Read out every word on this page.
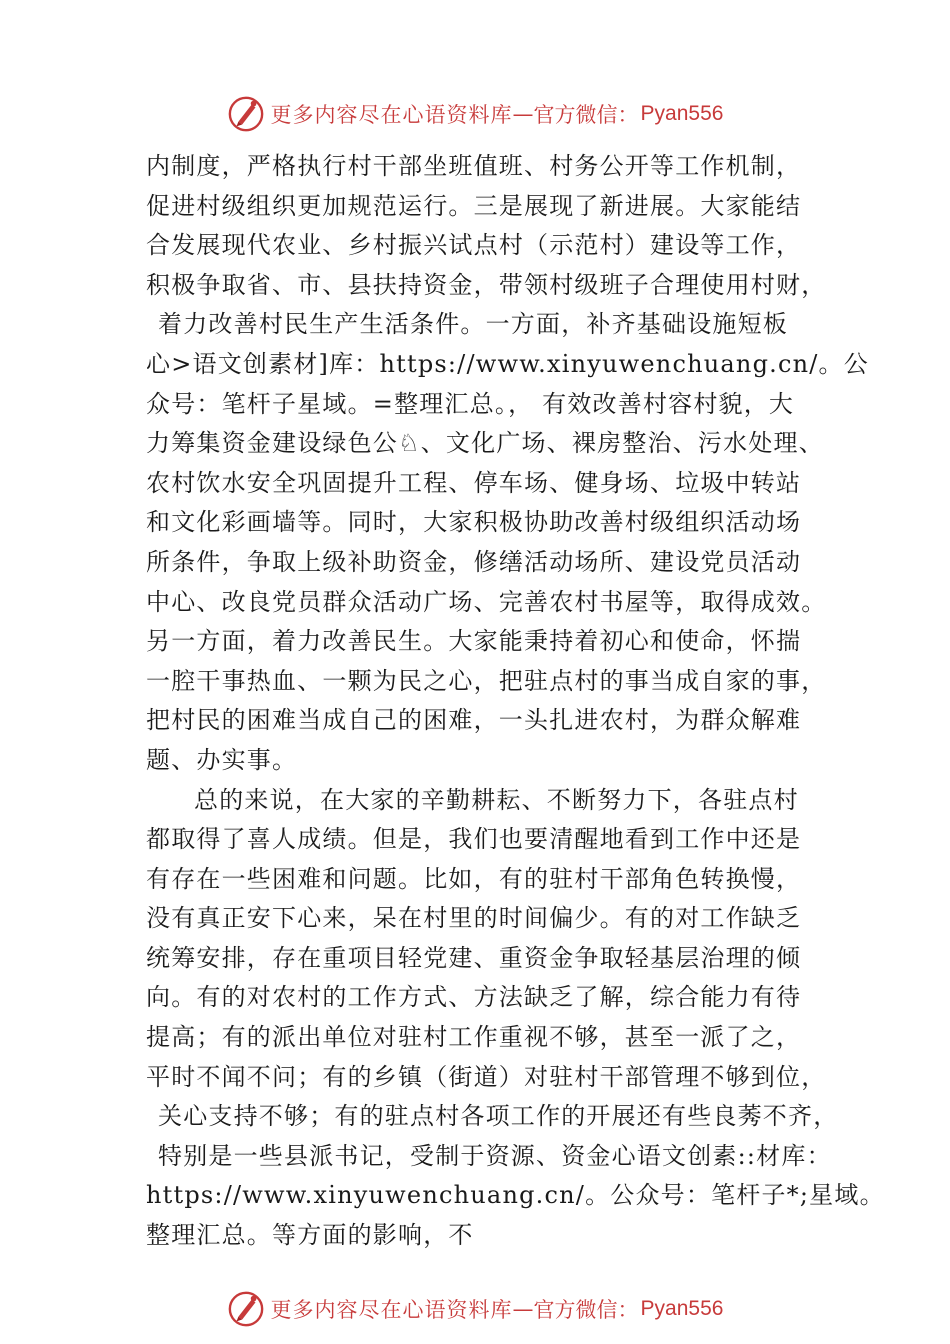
更多内容尽在心语资料库 — 官方微信： Pyan556
内制度，严格执行村干部坐班值班、村务公开等工作机制，
促进村级组织更加规范运行。三是展现了新进展。大家能结
合发展现代农业、乡村振兴试点村（示范村）建设等工作，
积极争取省、市、县扶持资金，带领村级班子合理使用村财，
着力改善村民生产生活条件。一方面，补齐基础设施短板
心>语文创素材]库：https://www.xinyuwenchuang.cn/。公
众号：笔杆子星域。=整理汇总。， 有效改善村容村貌，大
力筹集资金建设绿色公♘、文化广场、裸房整治、污水处理、
农村饮水安全巩固提升工程、停车场、健身场、垃圾中转站
和文化彩画墙等。同时，大家积极协助改善村级组织活动场
所条件，争取上级补助资金，修缮活动场所、建设党员活动
中心、改良党员群众活动广场、完善农村书屋等，取得成效。
另一方面，着力改善民生。大家能秉持着初心和使命，怀揣
一腔干事热血、一颗为民之心，把驻点村的事当成自家的事，
把村民的困难当成自己的困难，一头扎进农村，为群众解难
题、办实事。
总的来说，在大家的辛勤耕耘、不断努力下，各驻点村
都取得了喜人成绩。但是，我们也要清醒地看到工作中还是
有存在一些困难和问题。比如，有的驻村干部角色转换慢，
没有真正安下心来，呆在村里的时间偏少。有的对工作缺乏
统筹安排，存在重项目轻党建、重资金争取轻基层治理的倾
向。有的对农村的工作方式、方法缺乏了解，综合能力有待
提高；有的派出单位对驻村工作重视不够，甚至一派了之，
平时不闻不问；有的乡镇（街道）对驻村干部管理不够到位，
关心支持不够；有的驻点村各项工作的开展还有些良莠不齐，
特别是一些县派书记，受制于资源、资金心语文创素::材库：
https://www.xinyuwenchuang.cn/。公众号：笔杆子*;星域。
整理汇总。等方面的影响，不
更多内容尽在心语资料库 — 官方微信： Pyan556
